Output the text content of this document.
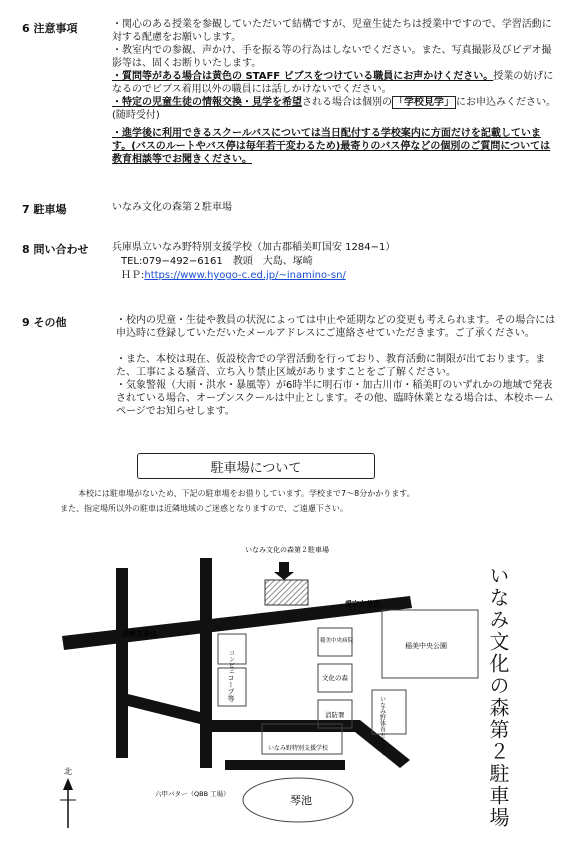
6 注意事項	・関心のある授業を参観していただいて結構ですが、児童生徒たちは授業中ですので、学習活動に対する配慮をお願いします。

・教室内での参観、声かけ、手を振る等の行為はしないでください。また、写真撮影及びビデオ撮影等は、固くお断りいたします。

・質問等がある場合は黄色の STAFF ビブスをつけている職員にお声かけください。授業の妨げになるのでビブス着用以外の職員には話しかけないでください。

・特定の児童生徒の情報交換・見学を希望される場合は個別の 「学校見学」 にお申込みください。(随時受付)

・進学後に利用できるスクールバスについては当日配付する学校案内に方面だけを記載しています。(バスのルートやバス停は毎年若干変わるため)最寄りのバス停などの個別のご質問については教育相談等でお聞きください。

7 駐車場	いなみ文化の森第２駐車場
8 問い合わせ 兵庫県立いなみ野特別支援学校（加古郡稲美町国安 1284−1）
TEL:079−492−6161　教頭　大島、塚崎
ＨＰ:https://www.hyogo-c.ed.jp/~inamino-sn/
9 その他	・校内の児童・生徒や教員の状況によっては中止や延期などの変更も考えられます。その場合には申込時に登録していただいたメールアドレスにご連絡させていただきます。ご了承ください。

・また、本校は現在、仮設校舎での学習活動を行っており、教育活動に制限が出ております。また、工事による騒音、立ち入り禁止区域がありますことをご了解ください。

・気象警報（大雨・洪水・暴風等）が6時半に明石市・加古川市・稲美町のいずれかの地域で発表されている場合、オープンスクールは中止とします。その他、臨時休業となる場合は、本校ホームページでお知らせします。

駐車場について
本校には駐車場がないため、下記の駐車場をお借りしています。学校まで7〜8分かかります。
また、指定場所以外の駐車は近隣地域のご迷惑となりますので、ご遠慮下さい。
いなみ文化の森第２駐車場
国岡交差点
愛宕交差点
コンビニ
コープ等
稲美中央病院
文化の森
消防署
稲美中央公園
いなみ野体育センター
いなみ野特別支援学校
琴池
六甲バター（QBB 工場）
北	いなみ文化の森第２駐車場
